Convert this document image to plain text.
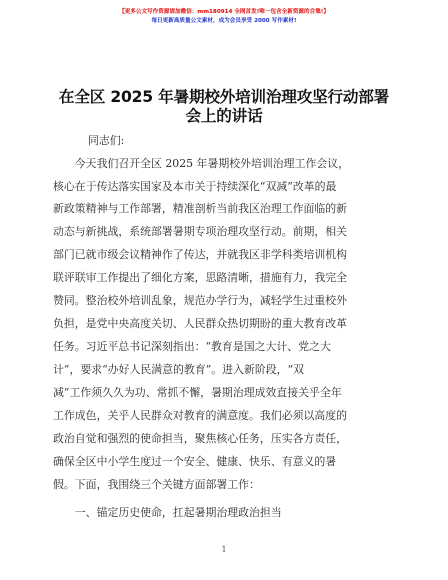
【更多公文写作资源请加微信：mm180914 全网首发!唯一包含全新资源的合集!】
每日更新高质量公文素材，成为会员享受 2000 写作素材!
在全区 2025 年暑期校外培训治理攻坚行动部署
会上的讲话
同志们:
　　今天我们召开全区 2025 年暑期校外培训治理工作会议，
核心在于传达落实国家及本市关于持续深化“双减”改革的最
新政策精神与工作部署，精准剖析当前我区治理工作面临的新
动态与新挑战，系统部署暑期专项治理攻坚行动。前期，相关
部门已就市级会议精神作了传达，并就我区非学科类培训机构
联评联审工作提出了细化方案，思路清晰，措施有力，我完全
赞同。整治校外培训乱象，规范办学行为，减轻学生过重校外
负担，是党中央高度关切、人民群众热切期盼的重大教育改革
任务。习近平总书记深刻指出：“教育是国之大计、党之大
计”，要求“办好人民满意的教育”。进入新阶段，“双
减”工作须久久为功、常抓不懈，暑期治理成效直接关乎全年
工作成色，关乎人民群众对教育的满意度。我们必须以高度的
政治自觉和强烈的使命担当，聚焦核心任务，压实各方责任，
确保全区中小学生度过一个安全、健康、快乐、有意义的暑
假。下面，我围绕三个关键方面部署工作：
　　一、锚定历史使命，扛起暑期治理政治担当
1
